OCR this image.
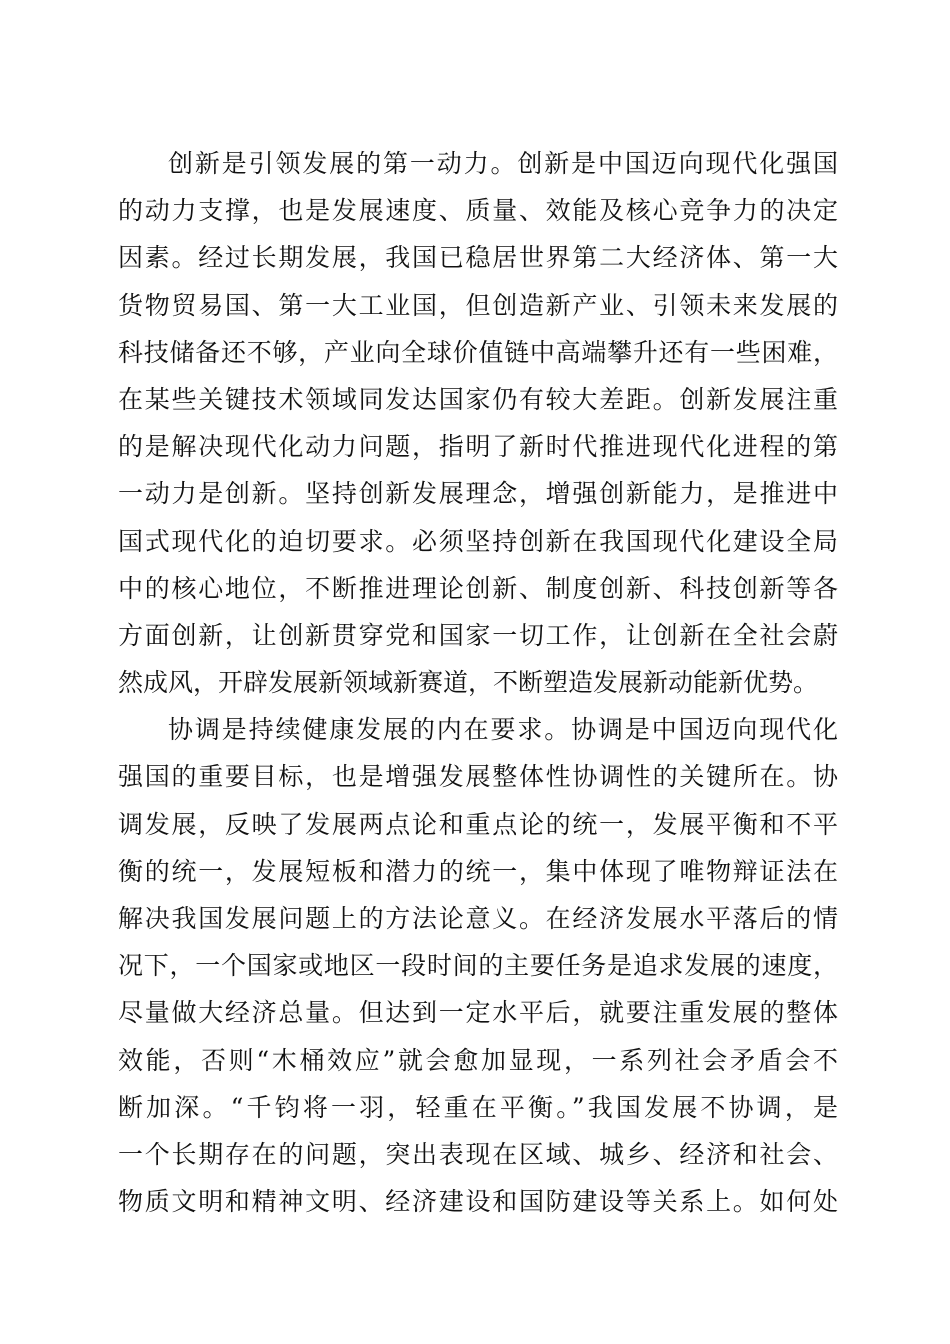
创新是引领发展的第一动力。创新是中国迈向现代化强国
的动力支撑，也是发展速度、质量、效能及核心竞争力的决定
因素。经过长期发展，我国已稳居世界第二大经济体、第一大
货物贸易国、第一大工业国，但创造新产业、引领未来发展的
科技储备还不够，产业向全球价值链中高端攀升还有一些困难，
在某些关键技术领域同发达国家仍有较大差距。创新发展注重
的是解决现代化动力问题，指明了新时代推进现代化进程的第
一动力是创新。坚持创新发展理念，增强创新能力，是推进中
国式现代化的迫切要求。必须坚持创新在我国现代化建设全局
中的核心地位，不断推进理论创新、制度创新、科技创新等各
方面创新，让创新贯穿党和国家一切工作，让创新在全社会蔚
然成风，开辟发展新领域新赛道，不断塑造发展新动能新优势。
协调是持续健康发展的内在要求。协调是中国迈向现代化
强国的重要目标，也是增强发展整体性协调性的关键所在。协
调发展，反映了发展两点论和重点论的统一，发展平衡和不平
衡的统一，发展短板和潜力的统一，集中体现了唯物辩证法在
解决我国发展问题上的方法论意义。在经济发展水平落后的情
况下，一个国家或地区一段时间的主要任务是追求发展的速度，
尽量做大经济总量。但达到一定水平后，就要注重发展的整体
效能，否则“木桶效应”就会愈加显现，一系列社会矛盾会不
断加深。“千钧将一羽，轻重在平衡。”我国发展不协调，是
一个长期存在的问题，突出表现在区域、城乡、经济和社会、
物质文明和精神文明、经济建设和国防建设等关系上。如何处
